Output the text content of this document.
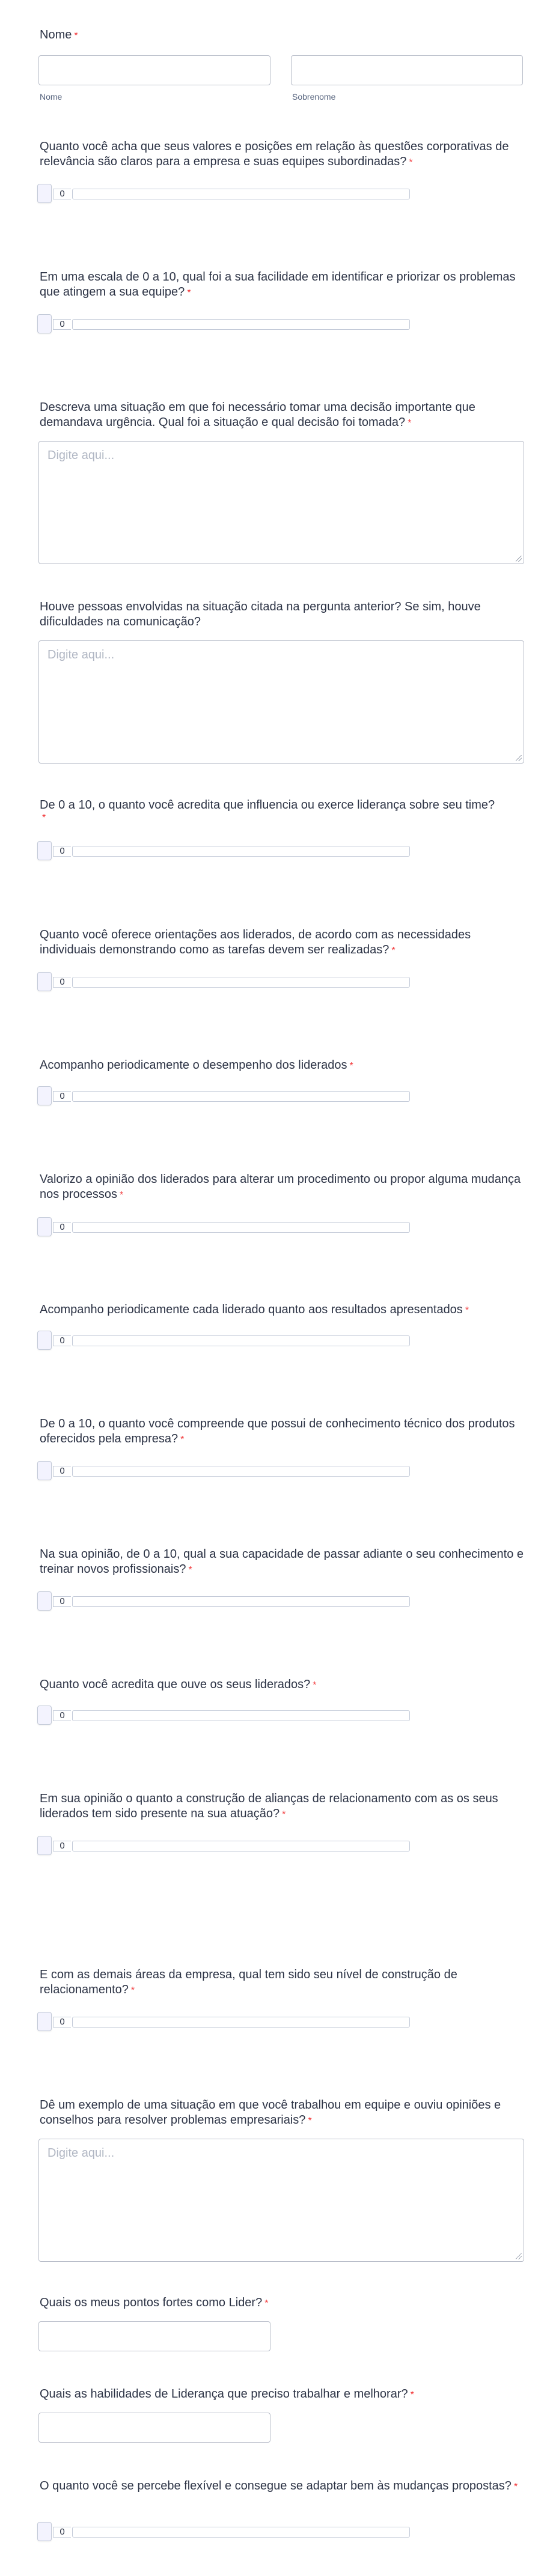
Nome *
Nome	Sobrenome
Quanto você acha que seus valores e posições em relação às questões corporativas de relevância são claros para a empresa e suas equipes subordinadas? *
0
Em uma escala de 0 a 10, qual foi a sua facilidade em identificar e priorizar os problemas que atingem a sua equipe? *
0
Descreva uma situação em que foi necessário tomar uma decisão importante que demandava urgência. Qual foi a situação e qual decisão foi tomada? *
Digite aqui...
Houve pessoas envolvidas na situação citada na pergunta anterior? Se sim, houve dificuldades na comunicação?
Digite aqui...
De 0 a 10, o quanto você acredita que influencia ou exerce liderança sobre seu time?
*
0
Quanto você oferece orientações aos liderados, de acordo com as necessidades individuais demonstrando como as tarefas devem ser realizadas? *
0
Acompanho periodicamente o desempenho dos liderados *
0
Valorizo a opinião dos liderados para alterar um procedimento ou propor alguma mudança nos processos *
0
Acompanho periodicamente cada liderado quanto aos resultados apresentados *
0
De 0 a 10, o quanto você compreende que possui de conhecimento técnico dos produtos oferecidos pela empresa? *
0
Na sua opinião, de 0 a 10, qual a sua capacidade de passar adiante o seu conhecimento e treinar novos profissionais? *
0
Quanto você acredita que ouve os seus liderados? *
0
Em sua opinião o quanto a construção de alianças de relacionamento com as os seus liderados tem sido presente na sua atuação? *
0
E com as demais áreas da empresa, qual tem sido seu nível de construção de relacionamento? *
0
Dê um exemplo de uma situação em que você trabalhou em equipe e ouviu opiniões e conselhos para resolver problemas empresariais? *
Digite aqui...
Quais os meus pontos fortes como Lider? *
Quais as habilidades de Liderança que preciso trabalhar e melhorar? *
O quanto você se percebe flexível e consegue se adaptar bem às mudanças propostas? *
0
